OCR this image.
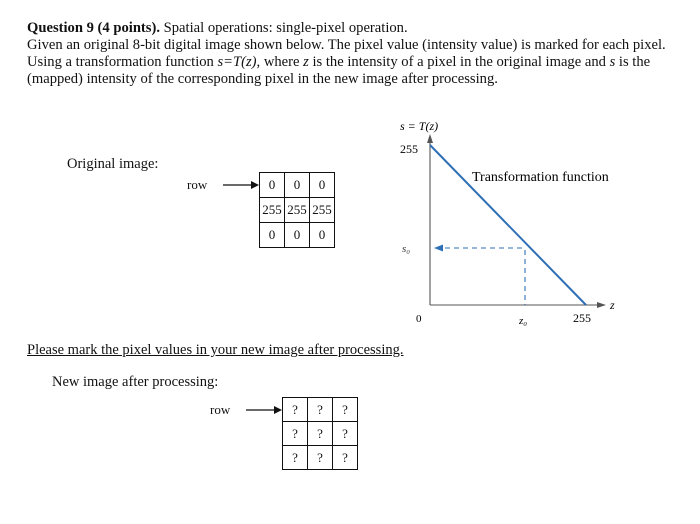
Question 9 (4 points). Spatial operations: single-pixel operation.
Given an original 8-bit digital image shown below. The pixel value (intensity value) is marked for each pixel.
Using a transformation function s=T(z), where z is the intensity of a pixel in the original image and s is the (mapped) intensity of the corresponding pixel in the new image after processing.
Original image:
row	0	0	0
255	255	255
0	0	0
s = T(z)
255
z
s₀
0	z₀	255
Transformation function
Please mark the pixel values in your new image after processing.
New image after processing:
row	?	?	?
?	?	?
?	?	?
